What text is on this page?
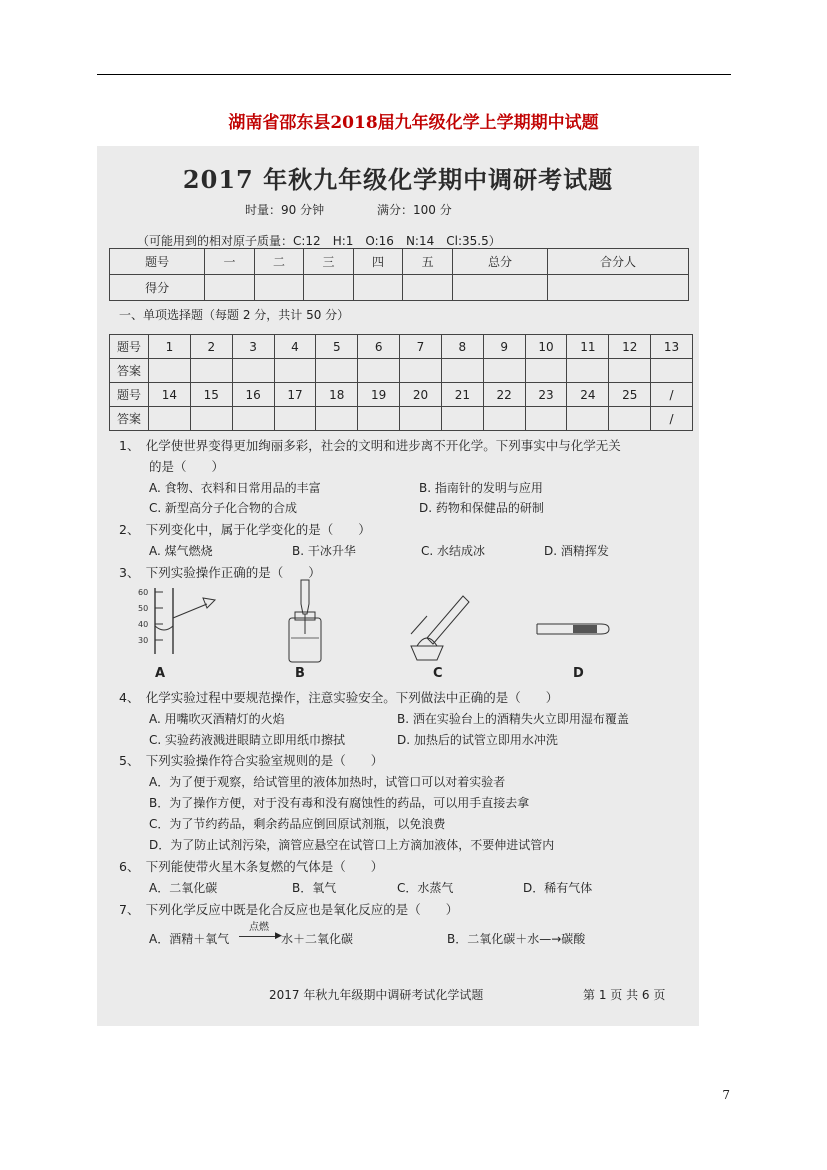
湖南省邵东县2018届九年级化学上学期期中试题
2017 年秋九年级化学期中调研考试题
时量：90 分钟	满分：100 分
（可能用到的相对原子质量：C:12　H:1　O:16　N:14　Cl:35.5）
题号	一	二	三	四	五	总分	合分人
得分							
一、单项选择题（每题 2 分，共计 50 分）
题号	1	2	3	4	5	6	7	8	9	10	11	12	13
答案													
题号	14	15	16	17	18	19	20	21	22	23	24	25	/
答案													/
1、　化学使世界变得更加绚丽多彩，社会的文明和进步离不开化学。下列事实中与化学无关
的是（　　）
A. 食物、衣料和日常用品的丰富	B. 指南针的发明与应用
C. 新型高分子化合物的合成	D. 药物和保健品的研制
2、　下列变化中，属于化学变化的是（　　）
A. 煤气燃烧	B. 干冰升华	C. 水结成冰	D. 酒精挥发
3、　下列实验操作正确的是（　　）
60
50
40
30
A	B	C	D
4、　化学实验过程中要规范操作，注意实验安全。下列做法中正确的是（　　）
A. 用嘴吹灭酒精灯的火焰	B. 洒在实验台上的酒精失火立即用湿布覆盖
C. 实验药液溅进眼睛立即用纸巾擦拭	D. 加热后的试管立即用水冲洗
5、　下列实验操作符合实验室规则的是（　　）
A．为了便于观察，给试管里的液体加热时，试管口可以对着实验者
B．为了操作方便，对于没有毒和没有腐蚀性的药品，可以用手直接去拿
C．为了节约药品，剩余药品应倒回原试剂瓶，以免浪费
D．为了防止试剂污染，滴管应悬空在试管口上方滴加液体，不要伸进试管内
6、　下列能使带火星木条复燃的气体是（　　）
A．二氧化碳	B．氧气	C．水蒸气	D．稀有气体
7、　下列化学反应中既是化合反应也是氧化反应的是（　　）
A．酒精＋氧气
点燃
▶ 水＋二氧化碳	B．二氧化碳＋水—→碳酸
2017 年秋九年级期中调研考试化学试题	第 1 页 共 6 页
7
